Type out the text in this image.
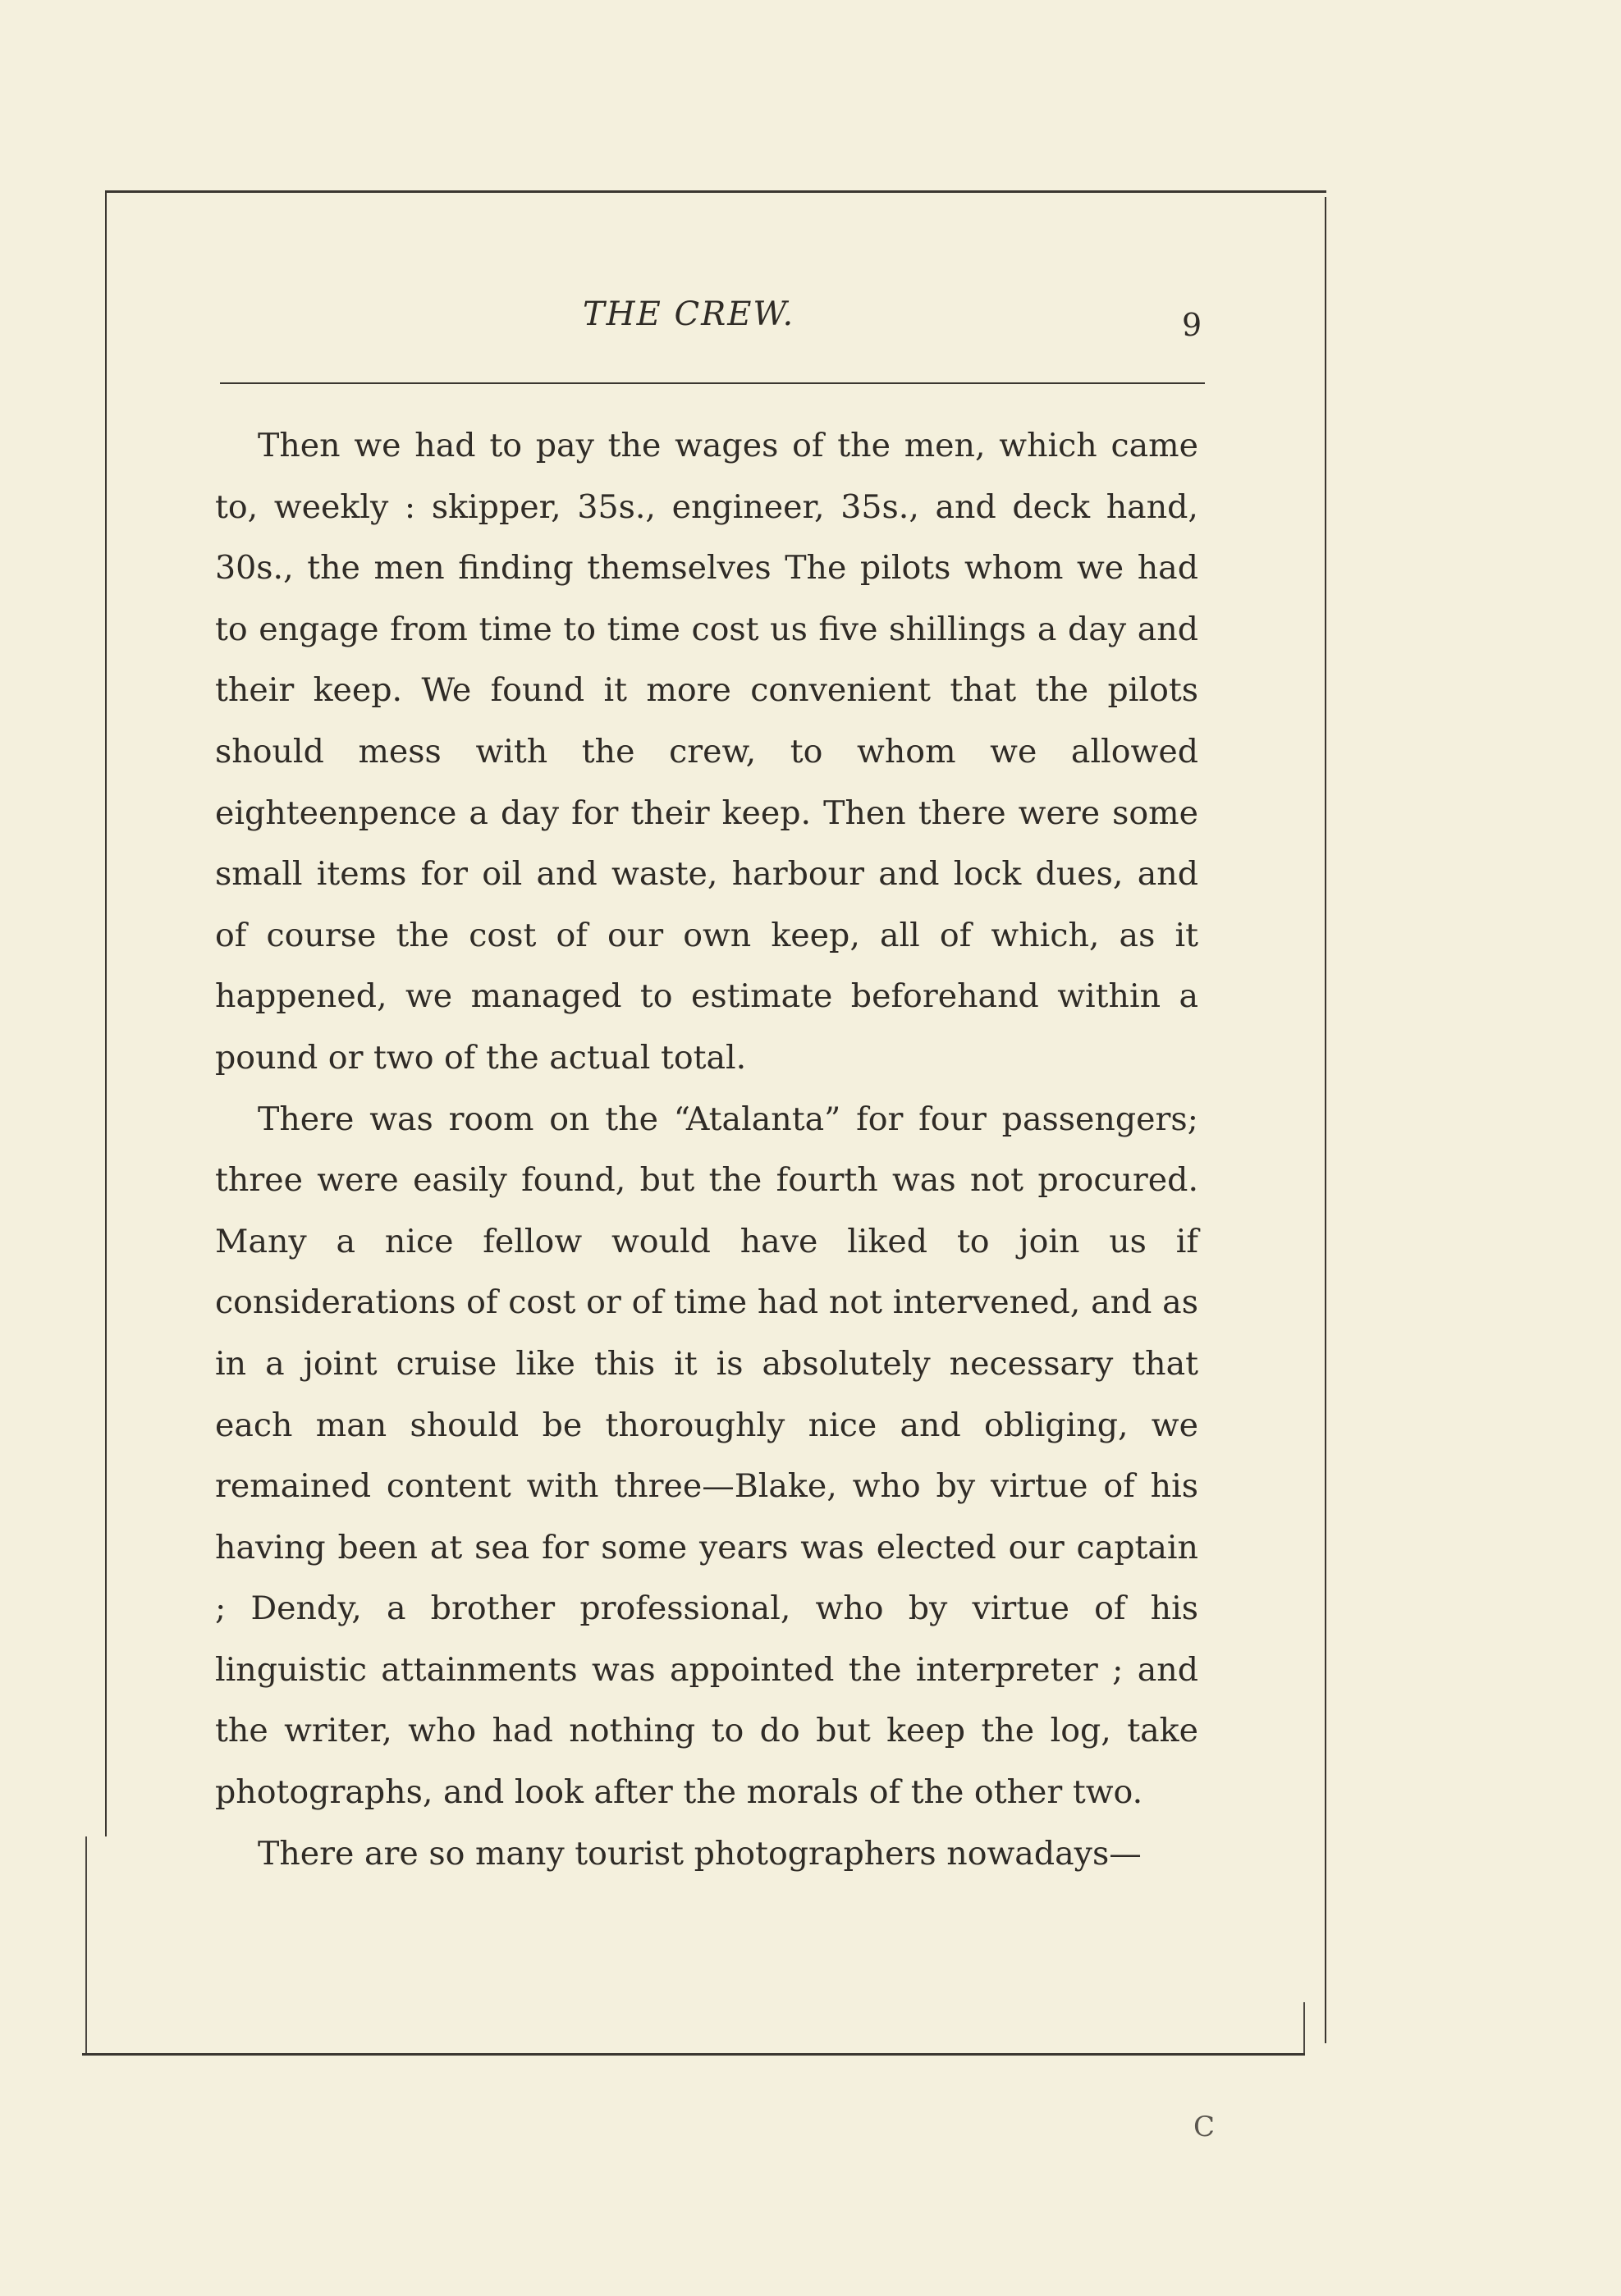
THE CREW.	9

Then we had to pay the wages of the men, which came to, weekly : skipper, 35s., engineer, 35s., and deck hand, 30s., the men finding themselves The pilots whom we had to engage from time to time cost us five shillings a day and their keep. We found it more convenient that the pilots should mess with the crew, to whom we allowed eighteenpence a day for their keep. Then there were some small items for oil and waste, harbour and lock dues, and of course the cost of our own keep, all of which, as it happened, we managed to estimate beforehand within a pound or two of the actual total.

There was room on the “Atalanta” for four passengers; three were easily found, but the fourth was not procured. Many a nice fellow would have liked to join us if considerations of cost or of time had not intervened, and as in a joint cruise like this it is absolutely necessary that each man should be thoroughly nice and obliging, we remained content with three—Blake, who by virtue of his having been at sea for some years was elected our captain ; Dendy, a brother professional, who by virtue of his linguistic attainments was appointed the interpreter ; and the writer, who had nothing to do but keep the log, take photographs, and look after the morals of the other two.

There are so many tourist photographers nowadays—

C
